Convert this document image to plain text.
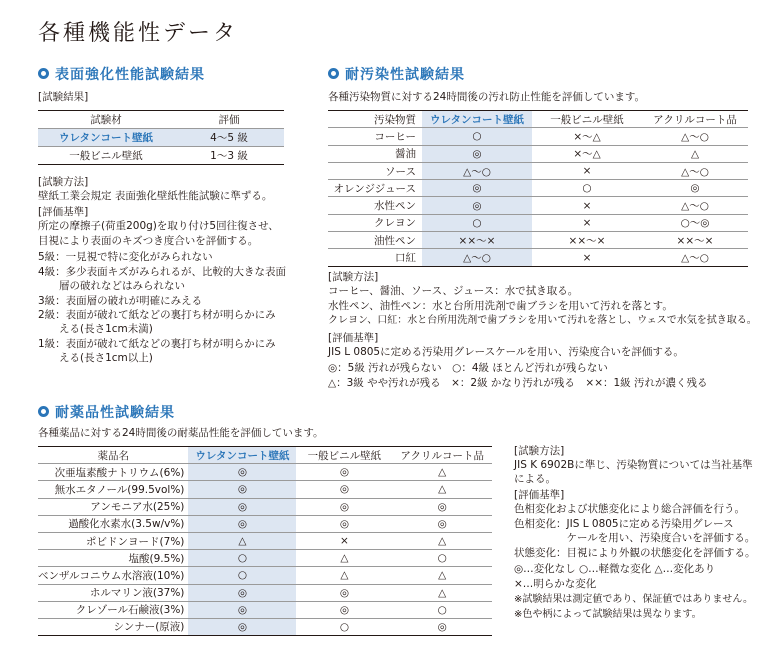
各種機能性データ
表面強化性能試験結果
[試験結果]
試験材	評価
ウレタンコート壁紙	4～5 級
一般ビニル壁紙	1～3 級
[試験方法]
壁紙工業会規定 表面強化壁紙性能試験に準ずる。
[評価基準]
所定の摩擦子(荷重200g)を取り付け5回往復させ、
目視により表面のキズつき度合いを評価する。
5級：一見視で特に変化がみられない
4級：多少表面キズがみられるが、比較的大きな表面
　　層の破れなどはみられない
3級：表面層の破れが明確にみえる
2級：表面が破れて紙などの裏打ち材が明らかにみ
　　える(長さ1cm未満)
1級：表面が破れて紙などの裏打ち材が明らかにみ
　　える(長さ1cm以上)
耐汚染性試験結果
各種汚染物質に対する24時間後の汚れ防止性能を評価しています。
汚染物質	ウレタンコート壁紙	一般ビニル壁紙	アクリルコート品
コーヒー	○	×～△	△～○
醤油	◎	×～△	△
ソース	△～○	×	△～○
オレンジジュース	◎	○	◎
水性ペン	◎	×	△～○
クレヨン	○	×	○～◎
油性ペン	××～×	××～×	××～×
口紅	△～○	×	△～○
[試験方法]
コーヒー、醤油、ソース、ジュース：水で拭き取る。
水性ペン、油性ペン：水と台所用洗剤で歯ブラシを用いて汚れを落とす。
クレヨン、口紅：水と台所用洗剤で歯ブラシを用いて汚れを落とし、ウェスで水気を拭き取る。
[評価基準]
JIS L 0805に定める汚染用グレースケールを用い、汚染度合いを評価する。
◎：5級 汚れが残らない　○：4級 ほとんど汚れが残らない
△：3級 やや汚れが残る　×：2級 かなり汚れが残る　××：1級 汚れが濃く残る
耐薬品性試験結果
各種薬品に対する24時間後の耐薬品性能を評価しています。
薬品名	ウレタンコート壁紙	一般ビニル壁紙	アクリルコート品
次亜塩素酸ナトリウム(6%)	◎	◎	△
無水エタノール(99.5vol%)	◎	◎	△
アンモニア水(25%)	◎	◎	◎
過酸化水素水(3.5w/v%)	◎	◎	◎
ポビドンヨード(7%)	△	×	△
塩酸(9.5%)	○	△	○
ベンザルコニウム水溶液(10%)	○	△	△
ホルマリン液(37%)	◎	◎	△
クレゾール石鹸液(3%)	◎	◎	○
シンナー(原液)	◎	○	◎
[試験方法]
JIS K 6902Bに準じ、汚染物質については当社基準
による。
[評価基準]
色相変化および状態変化により総合評価を行う。
色相変化：JIS L 0805に定める汚染用グレース
　　　　　ケールを用い、汚染度合いを評価する。
状態変化：目視により外観の状態変化を評価する。
◎…変化なし ○…軽微な変化 △…変化あり
×…明らかな変化
※試験結果は測定値であり、保証値ではありません。
※色や柄によって試験結果は異なります。
